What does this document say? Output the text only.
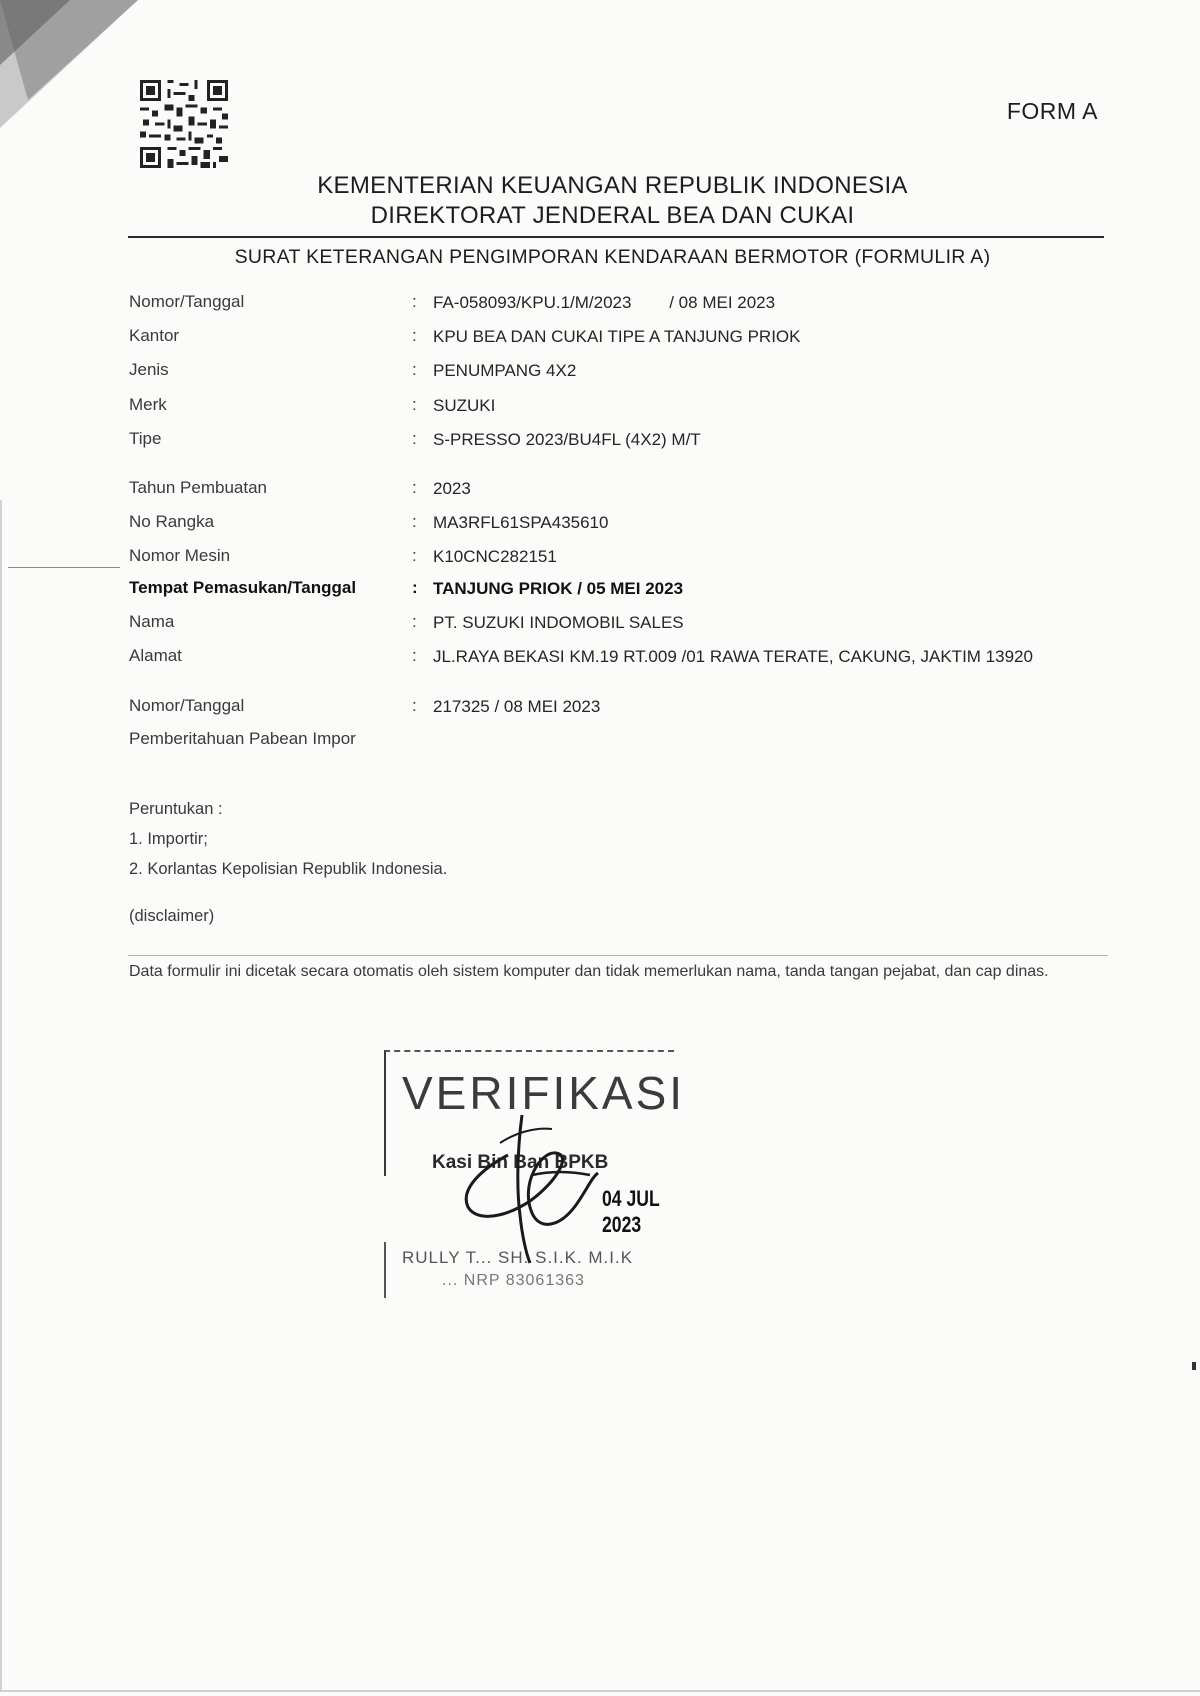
FORM A
KEMENTERIAN KEUANGAN REPUBLIK INDONESIA
DIREKTORAT JENDERAL BEA DAN CUKAI
SURAT KETERANGAN PENGIMPORAN KENDARAAN BERMOTOR (FORMULIR A)
Nomor/Tanggal	: FA-058093/KPU.1/M/2023        / 08 MEI 2023
Kantor	: KPU BEA DAN CUKAI TIPE A TANJUNG PRIOK
Jenis	: PENUMPANG 4X2
Merk	: SUZUKI
Tipe	: S-PRESSO 2023/BU4FL (4X2) M/T
Tahun Pembuatan	: 2023
No Rangka	: MA3RFL61SPA435610
Nomor Mesin	: K10CNC282151
Tempat Pemasukan/Tanggal	: TANJUNG PRIOK / 05 MEI 2023
Nama	: PT. SUZUKI INDOMOBIL SALES
Alamat	: JL.RAYA BEKASI KM.19 RT.009 /01 RAWA TERATE, CAKUNG, JAKTIM 13920
Nomor/Tanggal	: 217325 / 08 MEI 2023
Pemberitahuan Pabean Impor
Peruntukan :
1. Importir;
2. Korlantas Kepolisian Republik Indonesia.
(disclaimer)
Data formulir ini dicetak secara otomatis oleh sistem komputer dan tidak memerlukan nama, tanda tangan pejabat, dan cap dinas.
VERIFIKASI
Kasi Bin Ban BPKB
04 JUL 2023
RULLY T... SH. S.I.K. M.I.K
... NRP 83061363
